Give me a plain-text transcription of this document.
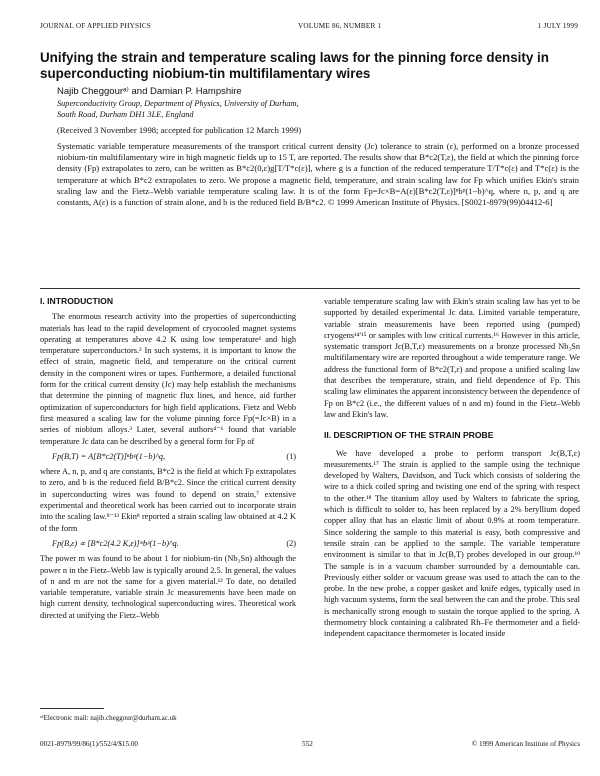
JOURNAL OF APPLIED PHYSICS	VOLUME 86, NUMBER 1	1 JULY 1999
Unifying the strain and temperature scaling laws for the pinning force density in superconducting niobium-tin multifilamentary wires
Najib Cheggourᵃ⁾ and Damian P. Hampshire
Superconductivity Group, Department of Physics, University of Durham,
South Road, Durham DH1 3LE, England
(Received 3 November 1998; accepted for publication 12 March 1999)
Systematic variable temperature measurements of the transport critical current density (Jc) tolerance to strain (ε), performed on a bronze processed niobium-tin multifilamentary wire in high magnetic fields up to 15 T, are reported. The results show that B*c2(T,ε), the field at which the pinning force density (Fp) extrapolates to zero, can be written as B*c2(0,ε)g[T/T*c(ε)], where g is a function of the reduced temperature T/T*c(ε) and T*c(ε) is the temperature at which B*c2 extrapolates to zero. We propose a magnetic field, temperature, and strain scaling law for Fp which unifies Ekin's strain scaling law and the Fietz–Webb variable temperature scaling law. It is of the form Fp=Jc×B=A(ε)[B*c2(T,ε)]ⁿbᵖ(1−b)^q, where n, p, and q are constants, A(ε) is a function of strain alone, and b is the reduced field B/B*c2. © 1999 American Institute of Physics. [S0021-8979(99)04412-6]

I. INTRODUCTION

The enormous research activity into the properties of superconducting materials has lead to the rapid development of cryocooled magnet systems operating at temperatures above 4.2 K using low temperature¹ and high temperature superconductors.² In such systems, it is important to know the effect of strain, magnetic field, and temperature on the critical current density in the component wires or tapes. Furthermore, a detailed functional form for the critical current density (Jc) may help establish the mechanisms that determine the pinning of magnetic flux lines, and hence, aid further optimization of superconductors for high field applications. Fietz and Webb first measured a scaling law for the volume pinning force Fp(=Jc×B) in a series of niobium alloys.³ Later, several authors⁴⁻⁶ found that variable temperature Jc data can be described by a general form for Fp of

Fp(B,T) = A[B*c2(T)]ⁿbᵖ(1−b)^q,	(1)

where A, n, p, and q are constants, B*c2 is the field at which Fp extrapolates to zero, and b is the reduced field B/B*c2. Since the critical current density in superconducting wires was found to depend on strain,⁷ extensive experimental and theoretical work has been carried out to incorporate strain into the scaling law.⁸⁻¹³ Ekin⁸ reported a strain scaling law obtained at 4.2 K of the form

Fp(B,ε) ∝ [B*c2(4.2 K,ε)]ᵐbᵖ(1−b)^q.	(2)

The power m was found to be about 1 for niobium-tin (Nb₃Sn) although the power n in the Fietz–Webb law is typically around 2.5. In general, the values of n and m are not the same for a given material.¹² To date, no detailed variable temperature, variable strain Jc measurements have been made on high current density, technological superconducting wires. Theoretical work directed at unifying the Fietz–Webb

variable temperature scaling law with Ekin's strain scaling law has yet to be supported by detailed experimental Jc data. Limited variable temperature, variable strain measurements have been reported using (pumped) cryogens¹⁴ʹ¹⁵ or samples with low critical currents.¹⁶ However in this article, systematic transport Jc(B,T,ε) measurements on a bronze processed Nb₃Sn multifilamentary wire are reported throughout a wide temperature range. We address the functional form of B*c2(T,ε) and propose a unified scaling law that describes the temperature, strain, and field dependence of Fp. This scaling law eliminates the apparent inconsistency between the dependence of Fp on B*c2 (i.e., the different values of n and m) found in the Fietz–Webb law and Ekin's law.

II. DESCRIPTION OF THE STRAIN PROBE

We have developed a probe to perform transport Jc(B,T,ε) measurements.¹⁷ The strain is applied to the sample using the technique developed by Walters, Davidson, and Tuck which consists of soldering the wire to a thick coiled spring and twisting one end of the spring with respect to the other.¹⁸ The titanium alloy used by Walters to fabricate the spring, which is difficult to solder to, has been replaced by a 2% beryllium doped copper alloy that has an elastic limit of about 0.9% at room temperature. Since soldering the sample to this material is easy, both compressive and tensile strain can be applied to the sample. The variable temperature environment is similar to that in Jc(B,T) probes developed in our group.¹⁹ The sample is in a vacuum chamber surrounded by a demountable can. Previously either solder or vacuum grease was used to attach the can to the probe. In the new probe, a copper gasket and knife edges, typically used in high vacuum systems, form the seal between the can and the probe. This seal is mechanically strong enough to sustain the torque applied to the spring. A thermometry block containing a calibrated Rh–Fe thermometer and a field-independent capacitance thermometer is located inside

ᵃ⁾Electronic mail: najib.cheggour@durham.ac.uk
0021-8979/99/86(1)/552/4/$15.00	552	© 1999 American Institute of Physics
